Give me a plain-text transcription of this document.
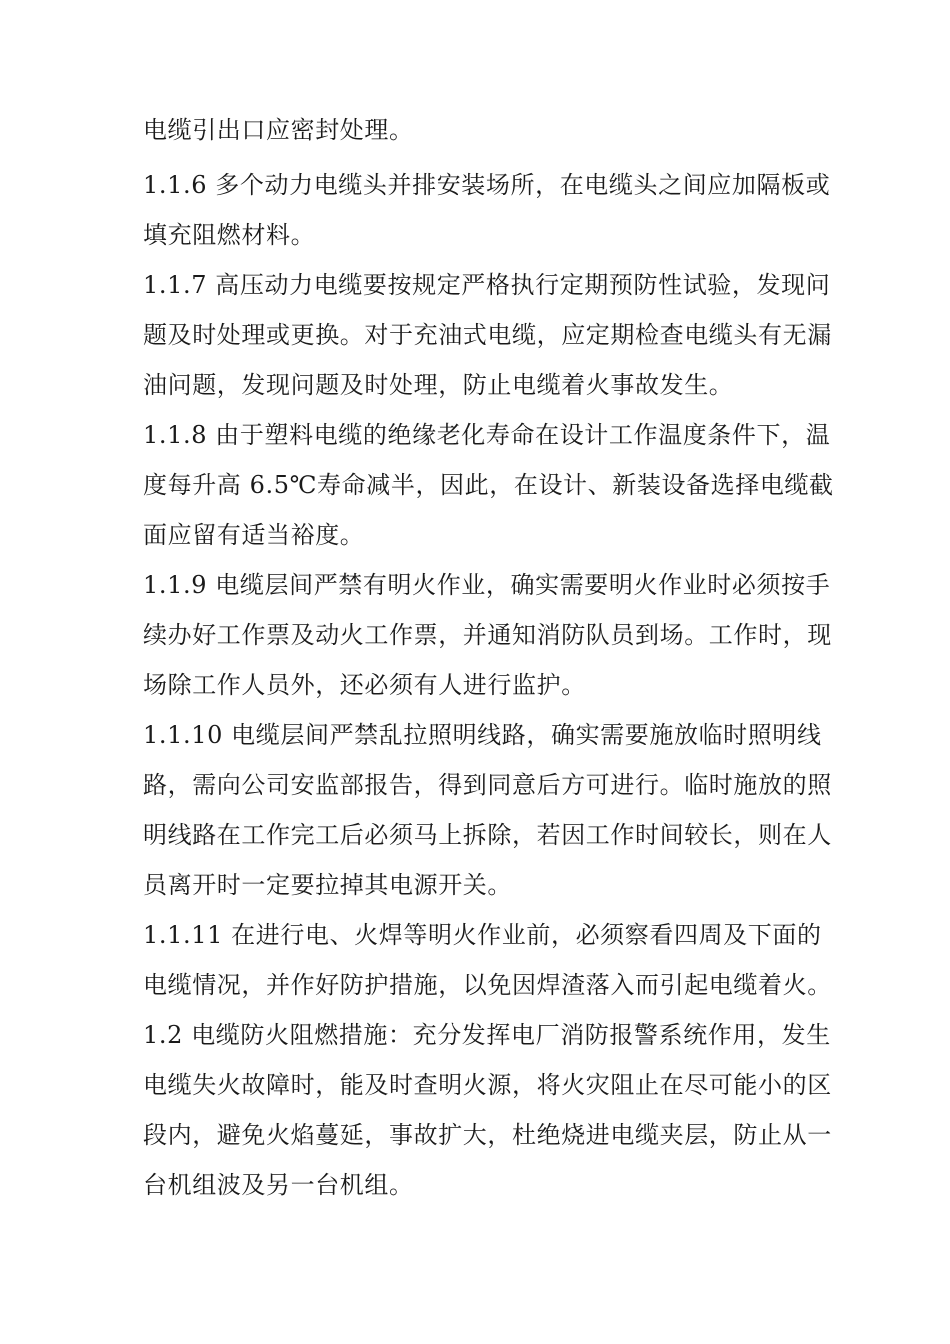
电缆引出口应密封处理。
1.1.6 多个动力电缆头并排安装场所，在电缆头之间应加隔板或
填充阻燃材料。
1.1.7 高压动力电缆要按规定严格执行定期预防性试验，发现问
题及时处理或更换。对于充油式电缆，应定期检查电缆头有无漏
油问题，发现问题及时处理，防止电缆着火事故发生。
1.1.8 由于塑料电缆的绝缘老化寿命在设计工作温度条件下，温
度每升高 6.5℃寿命减半，因此，在设计、新装设备选择电缆截
面应留有适当裕度。
1.1.9 电缆层间严禁有明火作业，确实需要明火作业时必须按手
续办好工作票及动火工作票，并通知消防队员到场。工作时，现
场除工作人员外，还必须有人进行监护。
1.1.10 电缆层间严禁乱拉照明线路，确实需要施放临时照明线
路，需向公司安监部报告，得到同意后方可进行。临时施放的照
明线路在工作完工后必须马上拆除，若因工作时间较长，则在人
员离开时一定要拉掉其电源开关。
1.1.11 在进行电、火焊等明火作业前，必须察看四周及下面的
电缆情况，并作好防护措施，以免因焊渣落入而引起电缆着火。
1.2 电缆防火阻燃措施：充分发挥电厂消防报警系统作用，发生
电缆失火故障时，能及时查明火源，将火灾阻止在尽可能小的区
段内，避免火焰蔓延，事故扩大，杜绝烧进电缆夹层，防止从一
台机组波及另一台机组。
